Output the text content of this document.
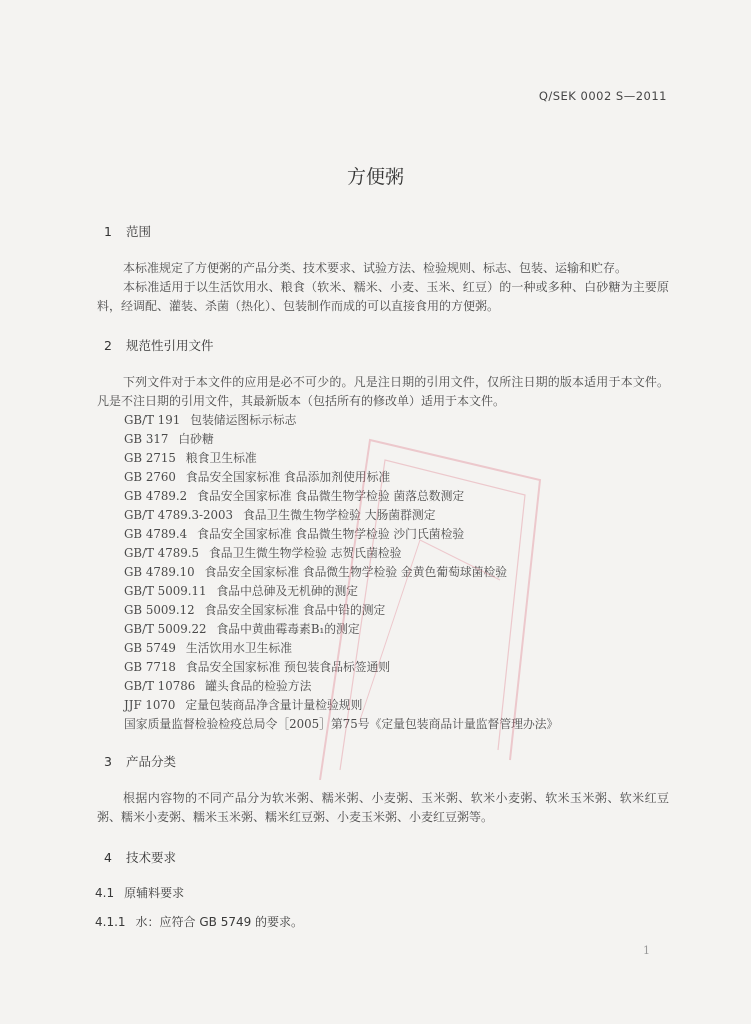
Q/SEK 0002 S—2011
方便粥
1 范围
本标准规定了方便粥的产品分类、技术要求、试验方法、检验规则、标志、包装、运输和贮存。
本标准适用于以生活饮用水、粮食（软米、糯米、小麦、玉米、红豆）的一种或多种、白砂糖为主要原料，经调配、灌装、杀菌（热化）、包装制作而成的可以直接食用的方便粥。
2 规范性引用文件
下列文件对于本文件的应用是必不可少的。凡是注日期的引用文件，仅所注日期的版本适用于本文件。凡是不注日期的引用文件，其最新版本（包括所有的修改单）适用于本文件。
GB/T 191 包装储运图标示标志
GB 317 白砂糖
GB 2715 粮食卫生标准
GB 2760 食品安全国家标准 食品添加剂使用标准
GB 4789.2 食品安全国家标准 食品微生物学检验 菌落总数测定
GB/T 4789.3-2003 食品卫生微生物学检验 大肠菌群测定
GB 4789.4 食品安全国家标准 食品微生物学检验 沙门氏菌检验
GB/T 4789.5 食品卫生微生物学检验 志贺氏菌检验
GB 4789.10 食品安全国家标准 食品微生物学检验 金黄色葡萄球菌检验
GB/T 5009.11 食品中总砷及无机砷的测定
GB 5009.12 食品安全国家标准 食品中铅的测定
GB/T 5009.22 食品中黄曲霉毒素B₁的测定
GB 5749 生活饮用水卫生标准
GB 7718 食品安全国家标准 预包装食品标签通则
GB/T 10786 罐头食品的检验方法
JJF 1070 定量包装商品净含量计量检验规则
国家质量监督检验检疫总局令［2005］第75号《定量包装商品计量监督管理办法》
3 产品分类
根据内容物的不同产品分为软米粥、糯米粥、小麦粥、玉米粥、软米小麦粥、软米玉米粥、软米红豆粥、糯米小麦粥、糯米玉米粥、糯米红豆粥、小麦玉米粥、小麦红豆粥等。
4 技术要求
4.1 原辅料要求
4.1.1 水：应符合 GB 5749 的要求。
1
